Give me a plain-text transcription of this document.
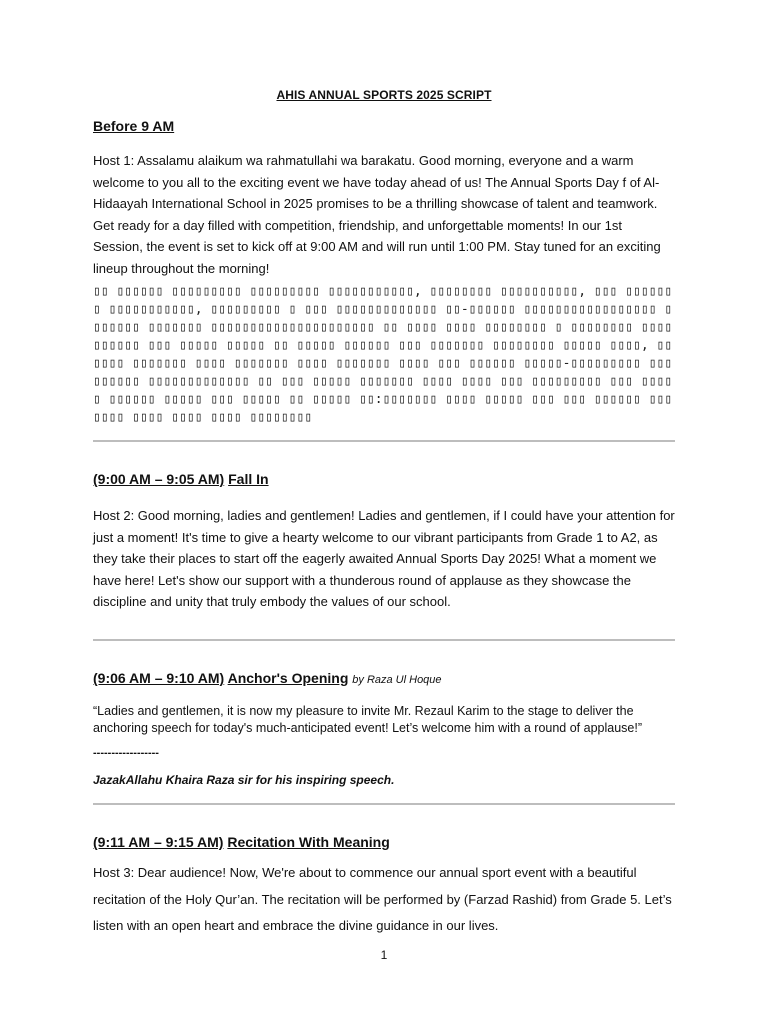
AHIS ANNUAL SPORTS 2025 SCRIPT
Before 9 AM
Host 1: Assalamu alaikum wa rahmatullahi wa barakatu. Good morning, everyone and a warm welcome to you all to the exciting event we have today ahead of us! The Annual Sports Day f of Al-Hidaayah International School in 2025 promises to be a thrilling showcase of talent and teamwork. Get ready for a day filled with competition, friendship, and unforgettable moments! In our 1st Session, the event is set to kick off at 9:00 AM and will run until 1:00 PM. Stay tuned for an exciting lineup throughout the morning!
▯▯ ▯▯▯▯▯▯ ▯▯▯▯▯▯▯▯▯ ▯▯▯▯▯▯▯▯▯ ▯▯▯▯▯▯▯▯▯▯▯, ▯▯▯▯▯▯▯▯ ▯▯▯▯▯▯▯▯▯▯, ▯▯▯ ▯▯▯▯▯▯▯ ▯▯▯▯▯▯▯▯▯▯▯, ▯▯▯▯▯▯▯▯▯ ▯ ▯▯▯ ▯▯▯▯▯▯▯▯▯▯▯▯▯ ▯▯-▯▯▯▯▯▯ ▯▯▯▯▯▯▯▯▯▯▯▯▯▯▯▯▯ ▯▯▯▯▯▯▯ ▯▯▯▯▯▯▯ ▯▯▯▯▯▯▯▯▯▯▯▯▯▯▯▯▯▯▯▯▯ ▯▯ ▯▯▯▯ ▯▯▯▯ ▯▯▯▯▯▯▯▯ ▯ ▯▯▯▯▯▯▯▯ ▯▯▯▯▯▯▯▯▯▯ ▯▯▯ ▯▯▯▯▯ ▯▯▯▯▯ ▯▯ ▯▯▯▯▯ ▯▯▯▯▯▯ ▯▯▯ ▯▯▯▯▯▯▯ ▯▯▯▯▯▯▯▯ ▯▯▯▯▯ ▯▯▯▯, ▯▯▯▯▯▯ ▯▯▯▯▯▯▯ ▯▯▯▯ ▯▯▯▯▯▯▯ ▯▯▯▯ ▯▯▯▯▯▯▯ ▯▯▯▯ ▯▯▯ ▯▯▯▯▯▯ ▯▯▯▯▯-▯▯▯▯▯▯▯▯▯ ▯▯▯ ▯▯▯▯▯▯ ▯▯▯▯▯▯▯▯▯▯▯▯▯ ▯▯ ▯▯▯ ▯▯▯▯▯ ▯▯▯▯▯▯▯ ▯▯▯▯ ▯▯▯▯ ▯▯▯ ▯▯▯▯▯▯▯▯▯ ▯▯▯ ▯▯▯▯▯ ▯▯▯▯▯▯ ▯▯▯▯▯ ▯▯▯ ▯▯▯▯▯ ▯▯ ▯▯▯▯▯ ▯▯:▯▯▯▯▯▯▯ ▯▯▯▯ ▯▯▯▯▯ ▯▯▯ ▯▯▯ ▯▯▯▯▯▯ ▯▯▯▯▯▯▯ ▯▯▯▯ ▯▯▯▯ ▯▯▯▯ ▯▯▯▯▯▯▯▯
(9:00 AM – 9:05 AM) Fall In
Host 2: Good morning, ladies and gentlemen! Ladies and gentlemen, if I could have your attention for just a moment! It's time to give a hearty welcome to our vibrant participants from Grade 1 to A2, as they take their places to start off the eagerly awaited Annual Sports Day 2025! What a moment we have here! Let's show our support with a thunderous round of applause as they showcase the discipline and unity that truly embody the values of our school.
(9:06 AM – 9:10 AM) Anchor's Opening by Raza Ul Hoque
“Ladies and gentlemen, it is now my pleasure to invite Mr. Rezaul Karim to the stage to deliver the anchoring speech for today's much-anticipated event! Let’s welcome him with a round of applause!”
------------------
JazakAllahu Khaira Raza sir for his inspiring speech.
(9:11 AM – 9:15 AM) Recitation With Meaning
Host 3: Dear audience! Now, We're about to commence our annual sport event with a beautiful recitation of the Holy Qur’an. The recitation will be performed by (Farzad Rashid) from Grade 5. Let’s listen with an open heart and embrace the divine guidance in our lives.
1
